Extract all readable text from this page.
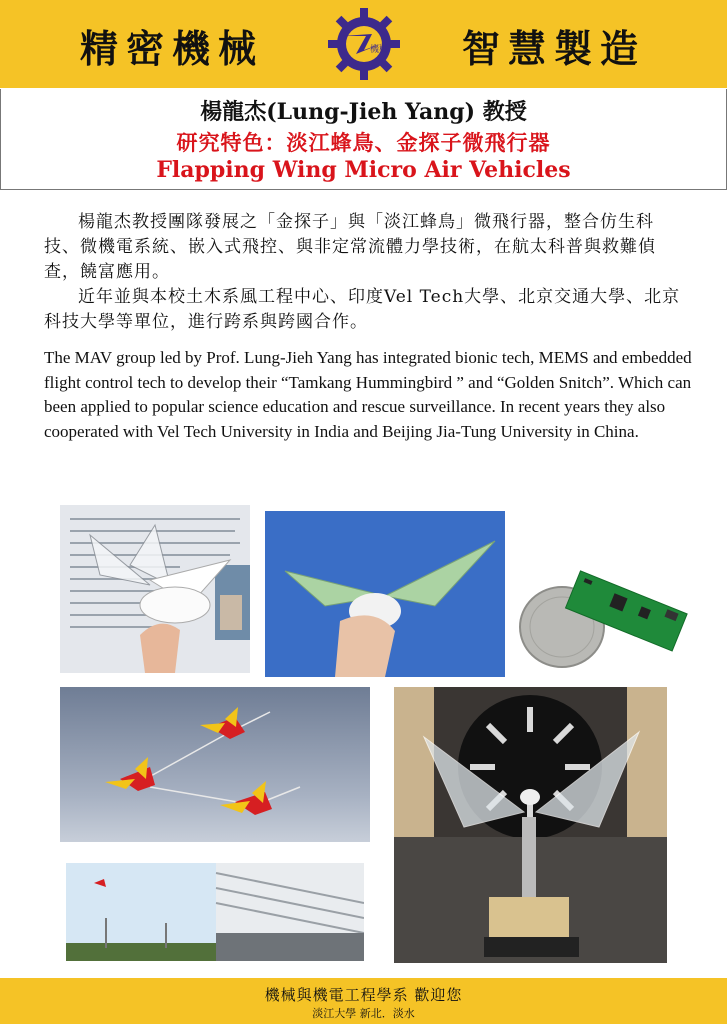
精密機械	機械 智慧製造
楊龍杰(Lung-Jieh Yang) 教授
研究特色：淡江蜂鳥、金探子微飛行器
Flapping Wing Micro Air Vehicles

楊龍杰教授團隊發展之「金探子」與「淡江蜂鳥」微飛行器，整合仿生科技、微機電系統、嵌入式飛控、與非定常流體力學技術，在航太科普與救難偵查，饒富應用。

近年並與本校土木系風工程中心、印度Vel Tech大學、北京交通大學、北京科技大學等單位，進行跨系與跨國合作。

The MAV group led by Prof. Lung-Jieh Yang has integrated bionic tech, MEMS and embedded flight control tech to develop their “Tamkang Hummingbird ” and “Golden Snitch”. Which can been applied to popular science education and rescue surveillance. In recent years they also cooperated with Vel Tech University in India and Beijing Jia-Tung University in China.
機械與機電工程學系 歡迎您
淡江大學 新北．淡水
